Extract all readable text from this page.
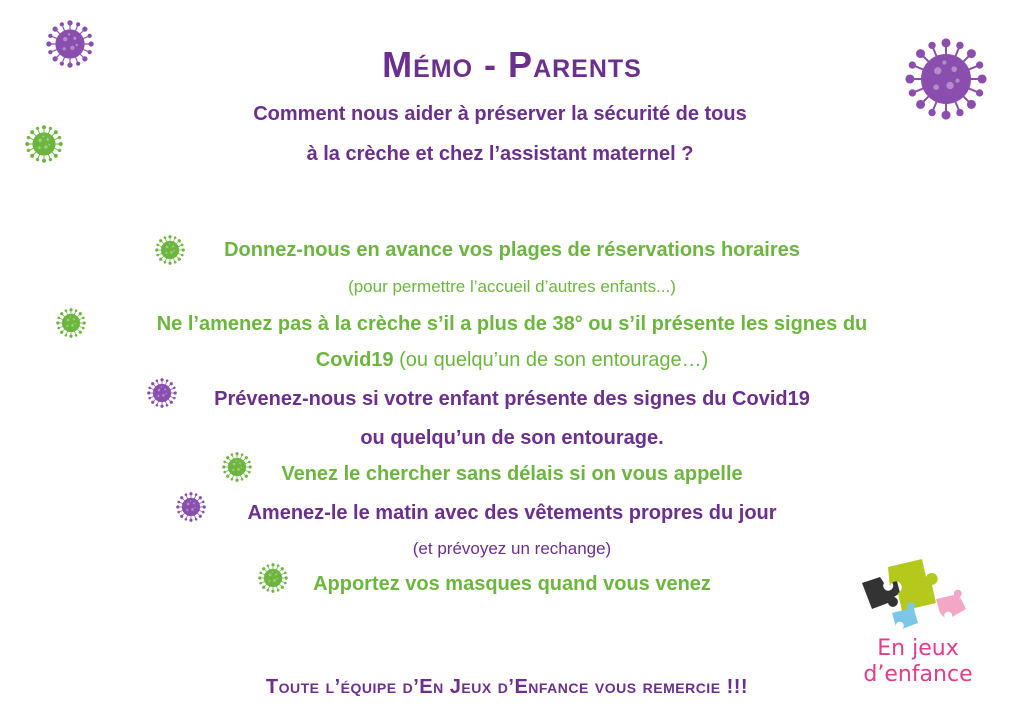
Mémo - Parents
Comment nous aider à préserver la sécurité de tous
à la crèche et chez l’assistant maternel ?
Donnez-nous en avance vos plages de réservations horaires
(pour permettre l’accueil d’autres enfants...)
Ne l’amenez pas à la crèche s’il a plus de 38° ou s’il présente les signes du
Covid19 (ou quelqu’un de son entourage…)
Prévenez-nous si votre enfant présente des signes du Covid19
ou quelqu’un de son entourage.
Venez le chercher sans délais si on vous appelle
Amenez-le le matin avec des vêtements propres du jour
(et prévoyez un rechange)
Apportez vos masques quand vous venez
En jeux
d’enfance
Toute l’équipe d’En Jeux d’Enfance vous remercie !!!
